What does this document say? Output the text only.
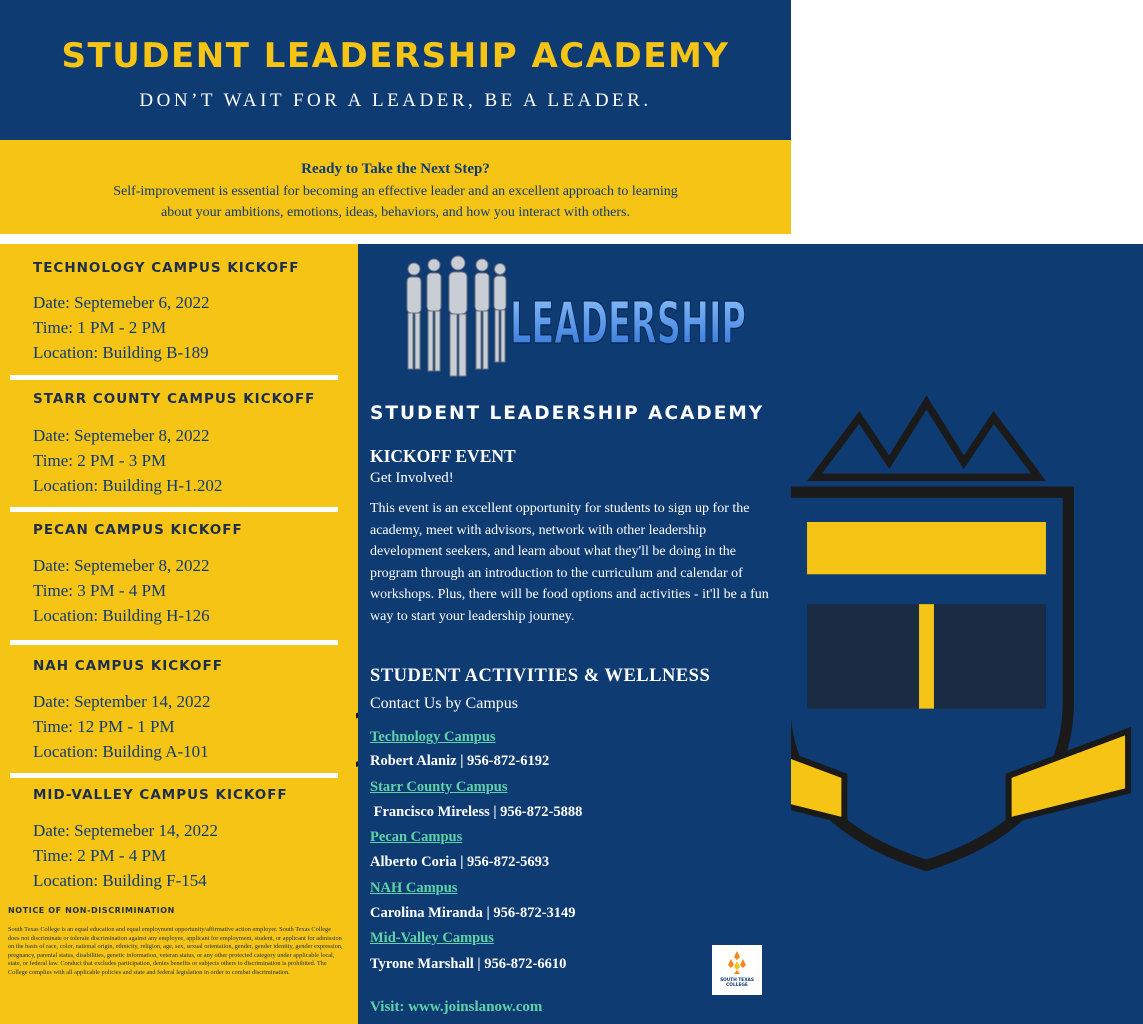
STUDENT LEADERSHIP ACADEMY
DON’T WAIT FOR A LEADER, BE A LEADER.
Ready to Take the Next Step?
Self-improvement is essential for becoming an effective leader and an excellent approach to learning about your ambitions, emotions, ideas, behaviors, and how you interact with others.
TECHNOLOGY CAMPUS KICKOFF
Date: Septemeber 6, 2022
Time: 1 PM - 2 PM
Location: Building B-189
STARR COUNTY CAMPUS KICKOFF
Date: Septemeber 8, 2022
Time: 2 PM - 3 PM
Location: Building H-1.202
PECAN CAMPUS KICKOFF
Date: Septemeber 8, 2022
Time: 3 PM - 4 PM
Location: Building H-126
NAH CAMPUS KICKOFF
Date: September 14, 2022
Time: 12 PM - 1 PM
Location: Building A-101
MID-VALLEY CAMPUS KICKOFF
Date: Septemeber 14, 2022
Time: 2 PM - 4 PM
Location: Building F-154
NOTICE OF NON-DISCRIMINATION
South Texas College is an equal education and equal employment opportunity/affirmative action employer. South Texas College does not discriminate or tolerate discrimination against any employee, applicant for employment, student, or applicant for admission on the basis of race, color, national origin, ethnicity, religion, age, sex, sexual orientation, gender, gender identity, gender expression, pregnancy, parental status, disabilities, genetic information, veteran status, or any other protected category under applicable local, state, or federal law. Conduct that excludes participation, denies benefits or subjects others to discrimination is prohibited. The College complies with all applicable policies and state and federal legislation in order to combat discrimination.
LEADERSHIP
STUDENT LEADERSHIP ACADEMY
KICKOFF EVENT
Get Involved!
This event is an excellent opportunity for students to sign up for the academy, meet with advisors, network with other leadership development seekers, and learn about what they'll be doing in the program through an introduction to the curriculum and calendar of workshops. Plus, there will be food options and activities - it'll be a fun way to start your leadership journey.
STUDENT ACTIVITIES & WELLNESS
Contact Us by Campus
Technology Campus
Robert Alaniz | 956-872-6192
Starr County Campus
Francisco Mireless | 956-872-5888
Pecan Campus
Alberto Coria | 956-872-5693
NAH Campus
Carolina Miranda | 956-872-3149
Mid-Valley Campus
Tyrone Marshall | 956-872-6610
Visit: www.joinslanow.com
SOUTH TEXAS
COLLEGE
